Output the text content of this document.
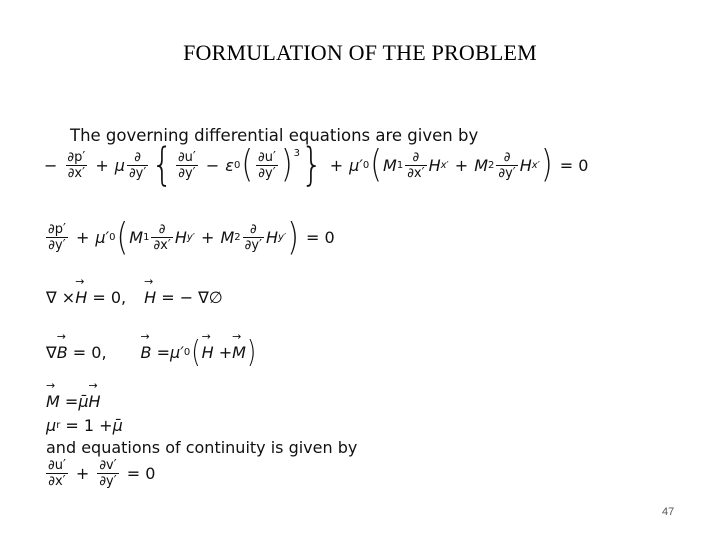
FORMULATION OF THE PROBLEM
The governing differential equations are given by
− $\frac{\partial p'}{\partial x'} + \mu \frac{\partial}{\partial y'}$ { $\frac{\partial u'}{\partial y'} - \varepsilon$ 0 ( $\frac{\partial u'}{\partial y'} )^3$ } + μ′ 0 ( M $1 \frac{\partial}{\partial x'}$ H x′ + M $2 \frac{\partial}{\partial y'}$ H x′ ) = 0
$\frac{\partial p'}{\partial y'} + \mu'$ 0 ( M $1 \frac{\partial}{\partial x'}$ H y′ + M $2 \frac{\partial}{\partial y'}$ H y′ ) = 0
∇ × → H = 0, → H = − ∇∅
∇ → B = 0, → B = μ′ 0 ( → H + → M )
→ M = μ̄ → H
μ r = 1 + μ̄
and equations of continuity is given by
$\frac{\partial u'}{\partial x'} + \frac{\partial v'}{\partial y'} = 0$
47
